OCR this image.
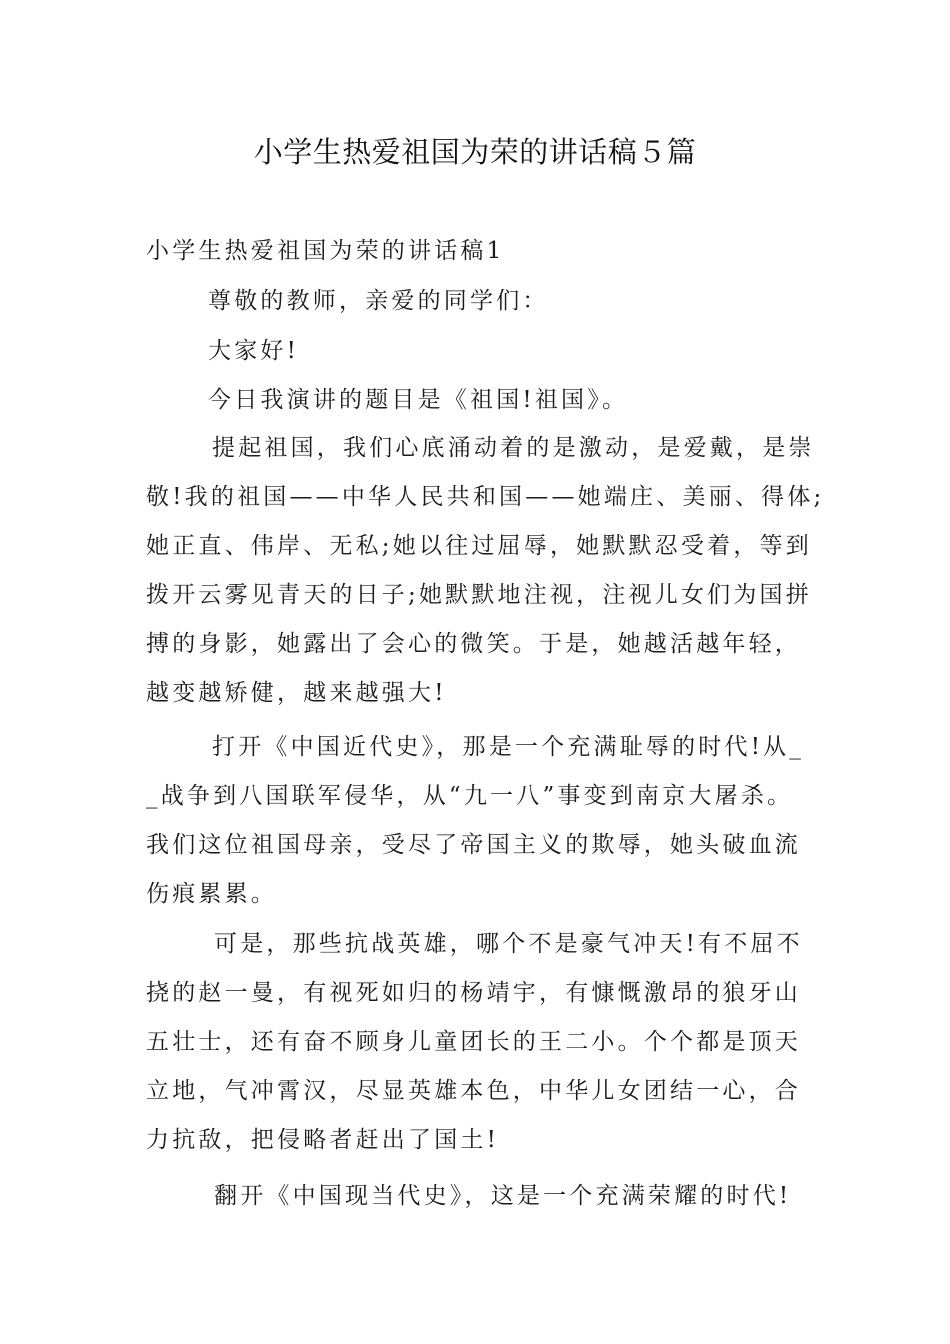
小学生热爱祖国为荣的讲话稿５篇
小学生热爱祖国为荣的讲话稿1
尊敬的教师，亲爱的同学们：
大家好!
今日我演讲的题目是《祖国!祖国》。
提起祖国，我们心底涌动着的是激动，是爱戴，是崇
敬!我的祖国——中华人民共和国——她端庄、美丽、得体;
她正直、伟岸、无私;她以往过屈辱，她默默忍受着，等到
拨开云雾见青天的日子;她默默地注视，注视儿女们为国拼
搏的身影，她露出了会心的微笑。于是，她越活越年轻，
越变越矫健，越来越强大!
打开《中国近代史》，那是一个充满耻辱的时代!从_
_战争到八国联军侵华，从“九一八”事变到南京大屠杀。
我们这位祖国母亲，受尽了帝国主义的欺辱，她头破血流
伤痕累累。
可是，那些抗战英雄，哪个不是豪气冲天!有不屈不
挠的赵一曼，有视死如归的杨靖宇，有慷慨激昂的狼牙山
五壮士，还有奋不顾身儿童团长的王二小。个个都是顶天
立地，气冲霄汉，尽显英雄本色，中华儿女团结一心，合
力抗敌，把侵略者赶出了国土!
翻开《中国现当代史》，这是一个充满荣耀的时代!
